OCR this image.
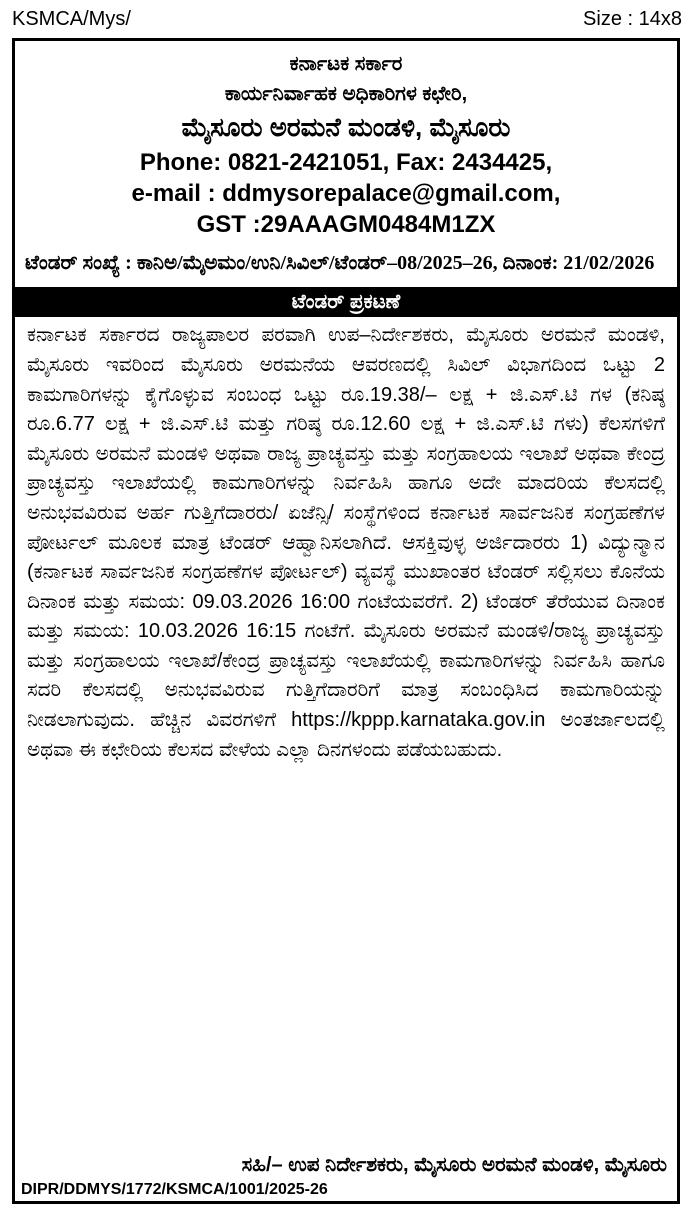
KSMCA/Mys/	Size : 14x8
ಕರ್ನಾಟಕ ಸರ್ಕಾರ
ಕಾರ್ಯನಿರ್ವಾಹಕ ಅಧಿಕಾರಿಗಳ ಕಛೇರಿ,
ಮೈಸೂರು ಅರಮನೆ ಮಂಡಳಿ, ಮೈಸೂರು
Phone: 0821-2421051, Fax: 2434425,
e-mail : ddmysorepalace@gmail.com,
GST :29AAAGM0484M1ZX
ಟೆಂಡರ್ ಸಂಖ್ಯೆ : ಕಾನಿಅ/ಮೈಅಮಂ/ಉನಿ/ಸಿವಿಲ್/ಟೆಂಡರ್–08/2025–26, ದಿನಾಂಕ: 21/02/2026
ಟೆಂಡರ್ ಪ್ರಕಟಣೆ
ಕರ್ನಾಟಕ ಸರ್ಕಾರದ ರಾಜ್ಯಪಾಲರ ಪರವಾಗಿ ಉಪ–ನಿರ್ದೇಶಕರು, ಮೈಸೂರು ಅರಮನೆ ಮಂಡಳಿ, ಮೈಸೂರು ಇವರಿಂದ ಮೈಸೂರು ಅರಮನೆಯ ಆವರಣದಲ್ಲಿ ಸಿವಿಲ್ ವಿಭಾಗದಿಂದ ಒಟ್ಟು 2 ಕಾಮಗಾರಿಗಳನ್ನು ಕೈಗೊಳ್ಳುವ ಸಂಬಂಧ ಒಟ್ಟು ರೂ.19.38/– ಲಕ್ಷ + ಜಿ.ಎಸ್.ಟಿ ಗಳ (ಕನಿಷ್ಠ ರೂ.6.77 ಲಕ್ಷ + ಜಿ.ಎಸ್.ಟಿ ಮತ್ತು ಗರಿಷ್ಠ ರೂ.12.60 ಲಕ್ಷ + ಜಿ.ಎಸ್.ಟಿ ಗಳು) ಕೆಲಸಗಳಿಗೆ ಮೈಸೂರು ಅರಮನೆ ಮಂಡಳಿ ಅಥವಾ ರಾಜ್ಯ ಪ್ರಾಚ್ಯವಸ್ತು ಮತ್ತು ಸಂಗ್ರಹಾಲಯ ಇಲಾಖೆ ಅಥವಾ ಕೇಂದ್ರ ಪ್ರಾಚ್ಯವಸ್ತು ಇಲಾಖೆಯಲ್ಲಿ ಕಾಮಗಾರಿಗಳನ್ನು ನಿರ್ವಹಿಸಿ ಹಾಗೂ ಅದೇ ಮಾದರಿಯ ಕೆಲಸದಲ್ಲಿ ಅನುಭವವಿರುವ ಅರ್ಹ ಗುತ್ತಿಗೆದಾರರು/ ಏಜೆನ್ಸಿ/ ಸಂಸ್ಥೆಗಳಿಂದ ಕರ್ನಾಟಕ ಸಾರ್ವಜನಿಕ ಸಂಗ್ರಹಣೆಗಳ ಪೋರ್ಟಲ್ ಮೂಲಕ ಮಾತ್ರ ಟೆಂಡರ್ ಆಹ್ವಾನಿಸಲಾಗಿದೆ. ಆಸಕ್ತಿವುಳ್ಳ ಅರ್ಜಿದಾರರು 1) ವಿದ್ಯುನ್ಮಾನ (ಕರ್ನಾಟಕ ಸಾರ್ವಜನಿಕ ಸಂಗ್ರಹಣೆಗಳ ಪೋರ್ಟಲ್) ವ್ಯವಸ್ಥೆ ಮುಖಾಂತರ ಟೆಂಡರ್ ಸಲ್ಲಿಸಲು ಕೊನೆಯ ದಿನಾಂಕ ಮತ್ತು ಸಮಯ: 09.03.2026 16:00 ಗಂಟೆಯವರೆಗೆ. 2) ಟೆಂಡರ್ ತೆರೆಯುವ ದಿನಾಂಕ ಮತ್ತು ಸಮಯ: 10.03.2026 16:15 ಗಂಟೆಗೆ. ಮೈಸೂರು ಅರಮನೆ ಮಂಡಳಿ/ರಾಜ್ಯ ಪ್ರಾಚ್ಯವಸ್ತು ಮತ್ತು ಸಂಗ್ರಹಾಲಯ ಇಲಾಖೆ/ಕೇಂದ್ರ ಪ್ರಾಚ್ಯವಸ್ತು ಇಲಾಖೆಯಲ್ಲಿ ಕಾಮಗಾರಿಗಳನ್ನು ನಿರ್ವಹಿಸಿ ಹಾಗೂ ಸದರಿ ಕೆಲಸದಲ್ಲಿ ಅನುಭವವಿರುವ ಗುತ್ತಿಗೆದಾರರಿಗೆ ಮಾತ್ರ ಸಂಬಂಧಿಸಿದ ಕಾಮಗಾರಿಯನ್ನು ನೀಡಲಾಗುವುದು. ಹೆಚ್ಚಿನ ವಿವರಗಳಿಗೆ https://kppp.karnataka.gov.in ಅಂತರ್ಜಾಲದಲ್ಲಿ ಅಥವಾ ಈ ಕಛೇರಿಯ ಕೆಲಸದ ವೇಳೆಯ ಎಲ್ಲಾ ದಿನಗಳಂದು ಪಡೆಯಬಹುದು.
ಸಹಿ/– ಉಪ ನಿರ್ದೇಶಕರು, ಮೈಸೂರು ಅರಮನೆ ಮಂಡಳಿ, ಮೈಸೂರು
DIPR/DDMYS/1772/KSMCA/1001/2025-26
